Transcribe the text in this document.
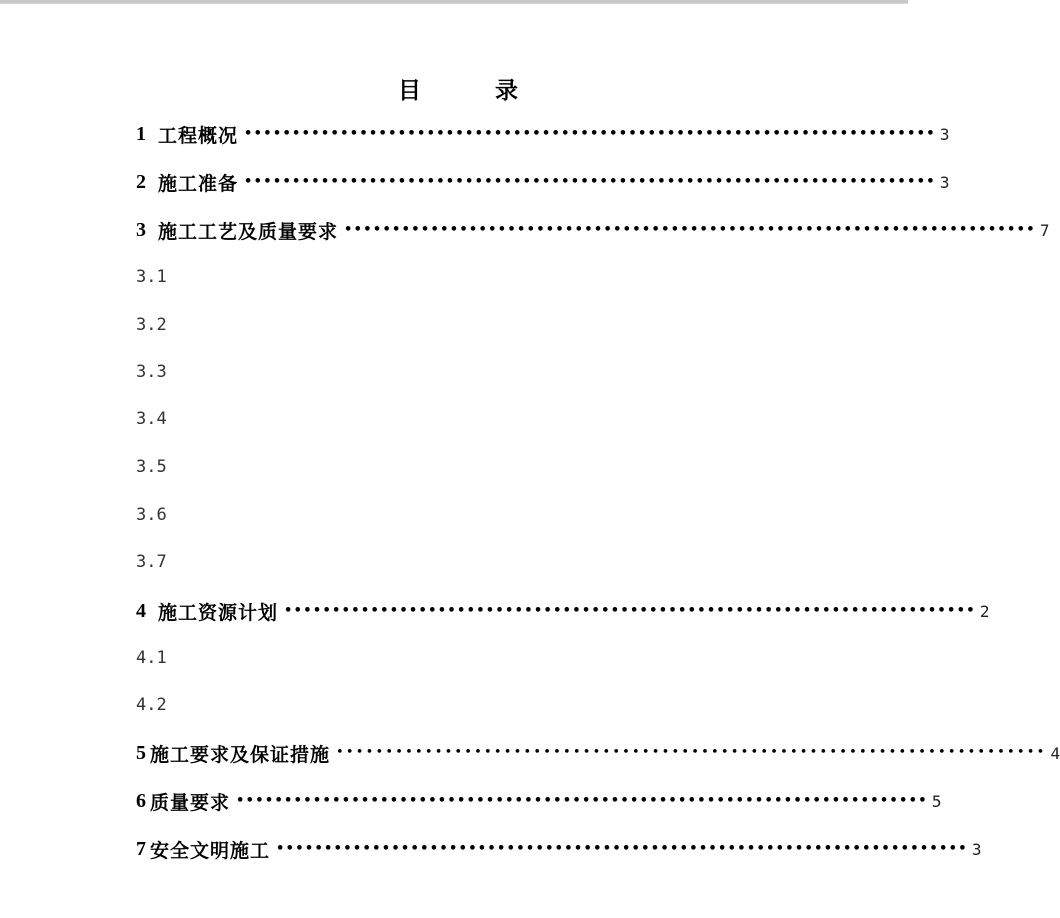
目	录
1 工程概况 •••••••••••••••••••••••••••••••••••••••••••••••••••••••••••••••••••••••• 3
2 施工准备 •••••••••••••••••••••••••••••••••••••••••••••••••••••••••••••••••••••••• 3
3 施工工艺及质量要求 •••••••••••••••••••••••••••••••••••••••••••••••••••••••••••••••••••••••• 7
3.1
3.2
3.3
3.4
3.5
3.6
3.7
4 施工资源计划 •••••••••••••••••••••••••••••••••••••••••••••••••••••••••••••••••••••••• 2
4.1
4.2
5 施工要求及保证措施 •••••••••••••••••••••••••••••••••••••••••••••••••••••••••••••••••••••••• 4
6 质量要求 •••••••••••••••••••••••••••••••••••••••••••••••••••••••••••••••••••••••• 5
7 安全文明施工 •••••••••••••••••••••••••••••••••••••••••••••••••••••••••••••••••••••••• 3
